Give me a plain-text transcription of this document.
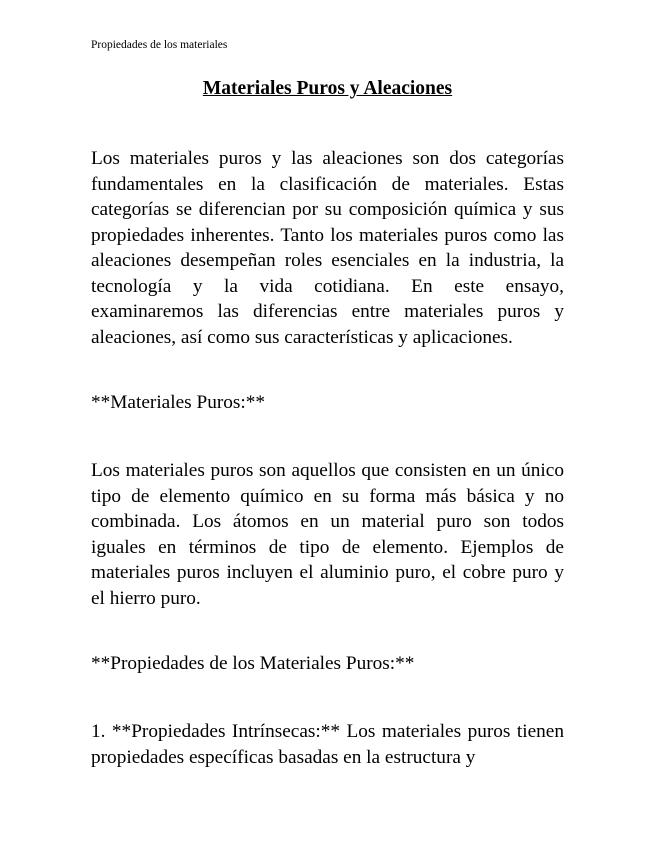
Propiedades de los materiales
Materiales Puros y Aleaciones

Los materiales puros y las aleaciones son dos categorías fundamentales en la clasificación de materiales. Estas categorías se diferencian por su composición química y sus propiedades inherentes. Tanto los materiales puros como las aleaciones desempeñan roles esenciales en la industria, la tecnología y la vida cotidiana. En este ensayo, examinaremos las diferencias entre materiales puros y aleaciones, así como sus características y aplicaciones.

**Materiales Puros:**

Los materiales puros son aquellos que consisten en un único tipo de elemento químico en su forma más básica y no combinada. Los átomos en un material puro son todos iguales en términos de tipo de elemento. Ejemplos de materiales puros incluyen el aluminio puro, el cobre puro y el hierro puro.

**Propiedades de los Materiales Puros:**

1. **Propiedades Intrínsecas:** Los materiales puros tienen propiedades específicas basadas en la estructura y
